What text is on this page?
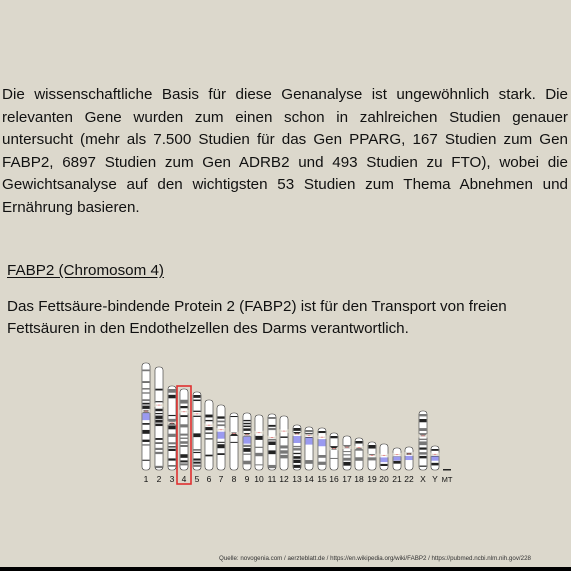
Die wissenschaftliche Basis für diese Genanalyse ist ungewöhnlich stark. Die relevanten Gene wurden zum einen schon in zahlreichen Studien genauer untersucht (mehr als 7.500 Studien für das Gen PPARG, 167 Studien zum Gen FABP2, 6897 Studien zum Gen ADRB2 und 493 Studien zu FTO), wobei die Gewichtsanalyse auf den wichtigsten 53 Studien zum Thema Abnehmen und Ernährung basieren.

FABP2 (Chromosom 4)

Das Fettsäure-bindende Protein 2 (FABP2) ist für den Transport von freien Fettsäuren in den Endothelzellen des Darms verantwortlich.

1 2 3 4 5 6 7 8 9 10 11 12 13 14 15 16 17 18 19 20 21 22 X Y MT
Quelle: novogenia.com / aerzteblatt.de / https://en.wikipedia.org/wiki/FABP2 / https://pubmed.ncbi.nlm.nih.gov/228
